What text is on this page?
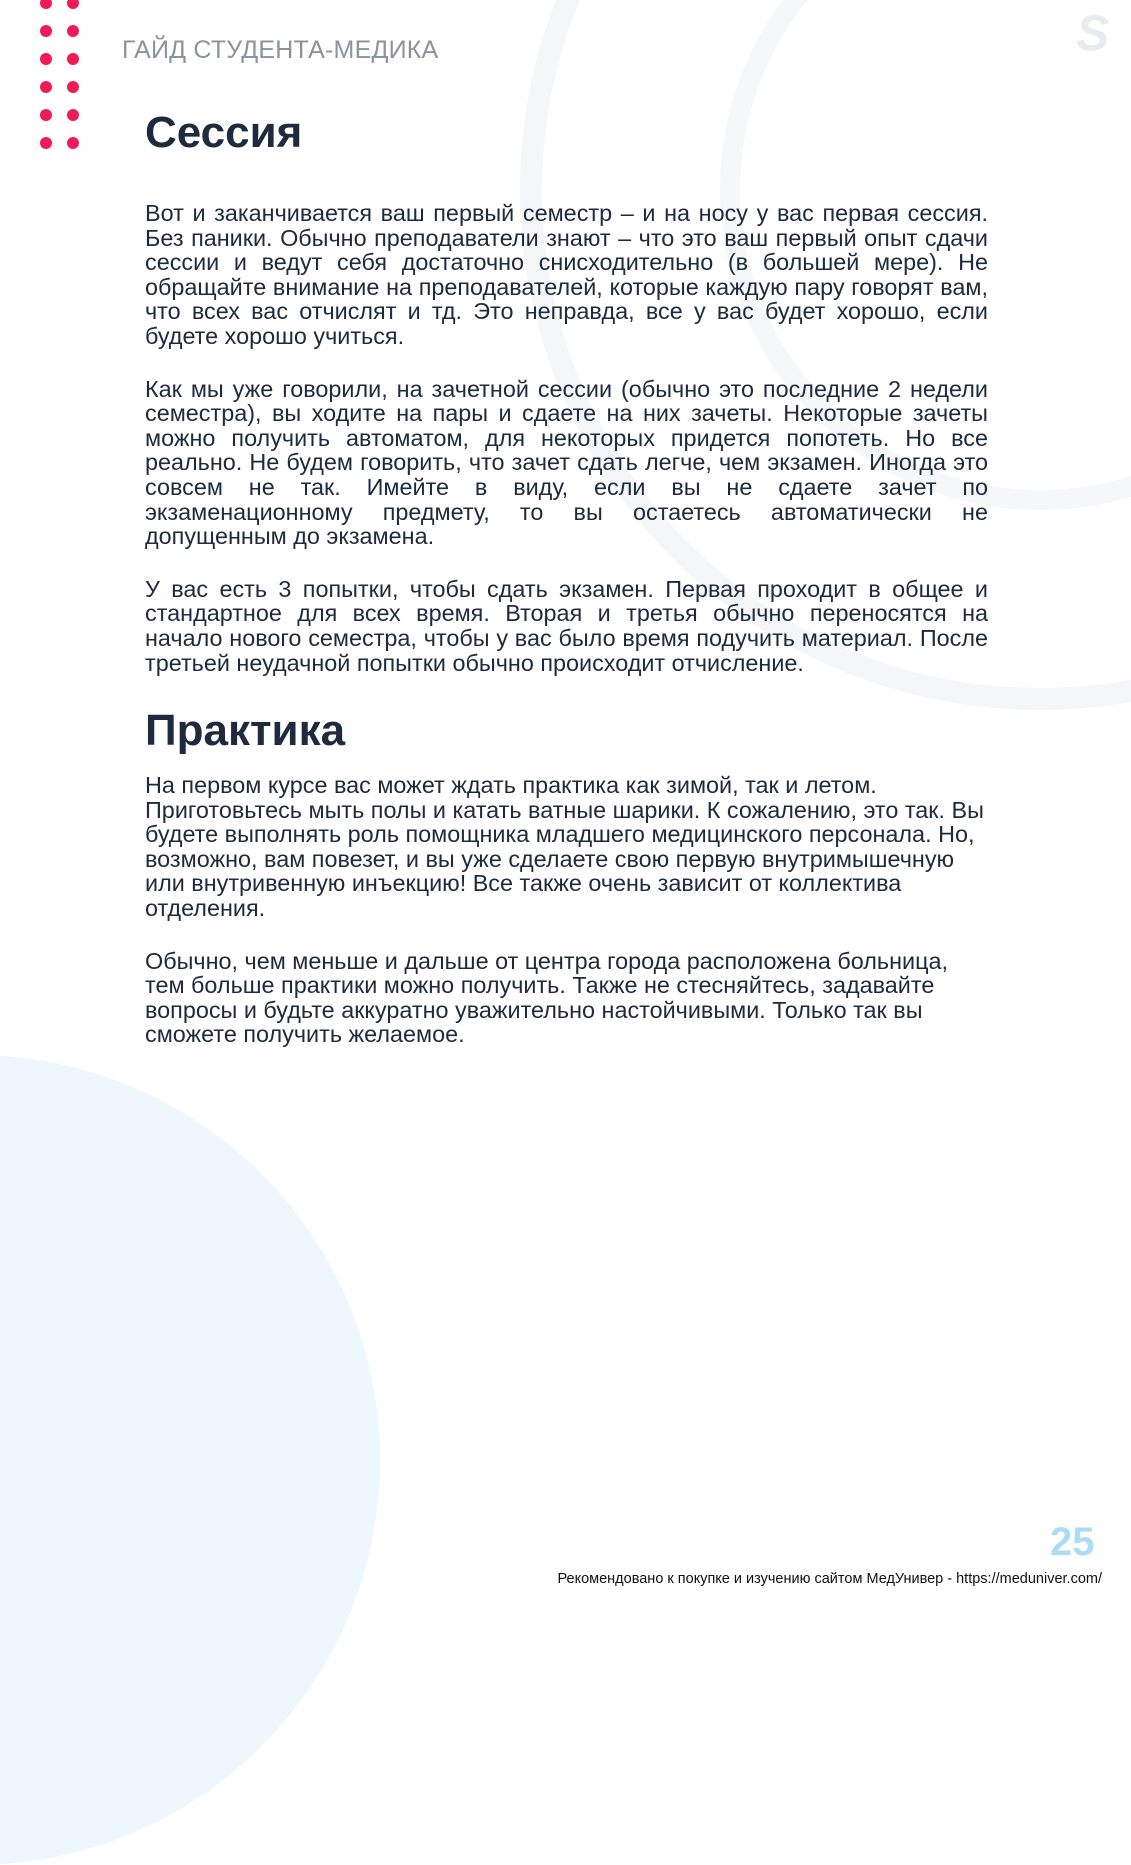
S
ГАЙД СТУДЕНТА-МЕДИКА
Сессия

Вот и заканчивается ваш первый семестр – и на носу у вас первая сессия. Без паники. Обычно преподаватели знают – что это ваш первый опыт сдачи сессии и ведут себя достаточно снисходительно (в большей мере). Не обращайте внимание на преподавателей, которые каждую пару говорят вам, что всех вас отчислят и тд. Это неправда, все у вас будет хорошо, если будете хорошо учиться.

Как мы уже говорили, на зачетной сессии (обычно это последние 2 недели семестра), вы ходите на пары и сдаете на них зачеты. Некоторые зачеты можно получить автоматом, для некоторых придется попотеть. Но все реально. Не будем говорить, что зачет сдать легче, чем экзамен. Иногда это совсем не так. Имейте в виду, если вы не сдаете зачет по экзаменационному предмету, то вы остаетесь автоматически не допущенным до экзамена.

У вас есть 3 попытки, чтобы сдать экзамен. Первая проходит в общее и стандартное для всех время. Вторая и третья обычно переносятся на начало нового семестра, чтобы у вас было время подучить материал. После третьей неудачной попытки обычно происходит отчисление.

Практика

На первом курсе вас может ждать практика как зимой, так и летом. Приготовьтесь мыть полы и катать ватные шарики. К сожалению, это так. Вы будете выполнять роль помощника младшего медицинского персонала. Но, возможно, вам повезет, и вы уже сделаете свою первую внутримышечную или внутривенную инъекцию! Все также очень зависит от коллектива отделения.

Обычно, чем меньше и дальше от центра города расположена больница, тем больше практики можно получить. Также не стесняйтесь, задавайте вопросы и будьте аккуратно уважительно настойчивыми. Только так вы сможете получить желаемое.

25
Рекомендовано к покупке и изучению сайтом МедУнивер - https://meduniver.com/
